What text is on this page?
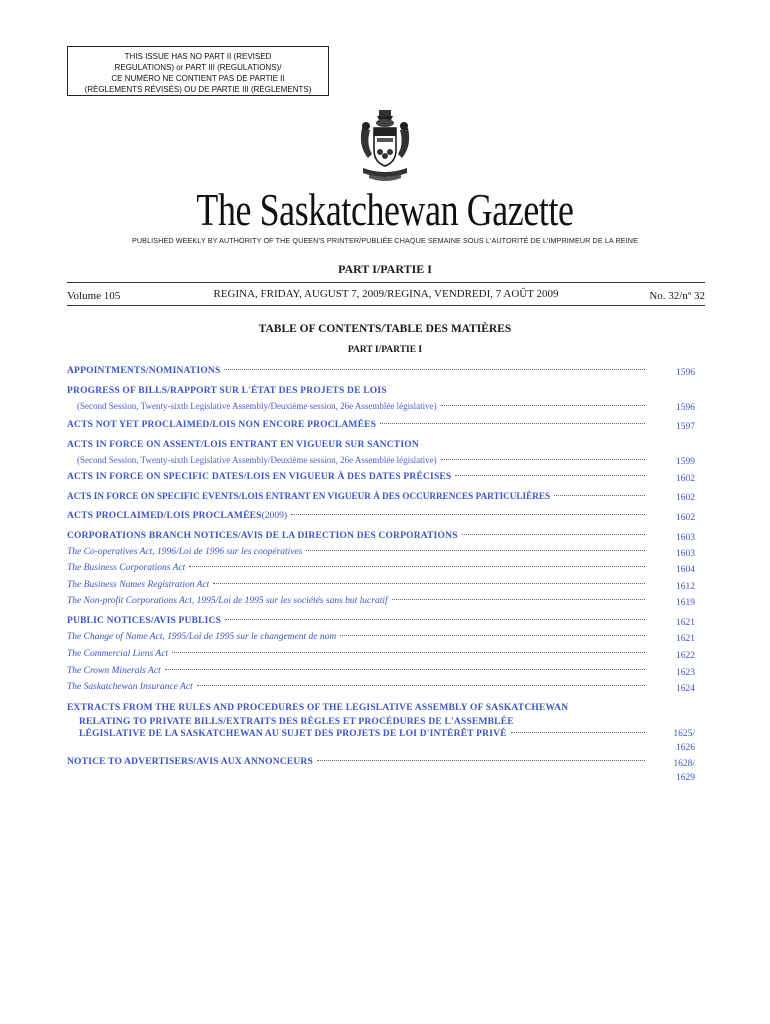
THIS ISSUE HAS NO PART II (REVISED
REGULATIONS) or PART III (REGULATIONS)/
CE NUMÉRO NE CONTIENT PAS DE PARTIE II
(RÈGLEMENTS RÉVISÉS) OU DE PARTIE III (RÈGLEMENTS)
The Saskatchewan Gazette
PUBLISHED WEEKLY BY AUTHORITY OF THE QUEEN'S PRINTER/PUBLIÉE CHAQUE SEMAINE SOUS L'AUTORITÉ DE L'IMPRIMEUR DE LA REINE
PART I/PARTIE I
Volume 105	REGINA, FRIDAY, AUGUST 7, 2009/REGINA, VENDREDI, 7 AOÛT 2009	No. 32/nº 32
TABLE OF CONTENTS/TABLE DES MATIÈRES
PART I/PARTIE I
APPOINTMENTS/NOMINATIONS	1596
PROGRESS OF BILLS/RAPPORT SUR L'ÉTAT DES PROJETS DE LOIS
(Second Session, Twenty-sixth Legislative Assembly/Deuxième session, 26e Assemblée législative)	1596
ACTS NOT YET PROCLAIMED/LOIS NON ENCORE PROCLAMÉES	1597
ACTS IN FORCE ON ASSENT/LOIS ENTRANT EN VIGUEUR SUR SANCTION
(Second Session, Twenty-sixth Legislative Assembly/Deuxième session, 26e Assemblée législative)	1599
ACTS IN FORCE ON SPECIFIC DATES/LOIS EN VIGUEUR À DES DATES PRÉCISES	1602
ACTS IN FORCE ON SPECIFIC EVENTS/LOIS ENTRANT EN VIGUEUR À DES OCCURRENCES PARTICULIÈRES	1602
ACTS PROCLAIMED/LOIS PROCLAMÉES (2009)	1602
CORPORATIONS BRANCH NOTICES/AVIS DE LA DIRECTION DES CORPORATIONS	1603
The Co-operatives Act, 1996/Loi de 1996 sur les coopératives	1603
The Business Corporations Act	1604
The Business Names Registration Act	1612
The Non-profit Corporations Act, 1995/Loi de 1995 sur les sociétés sans but lucratif	1619
PUBLIC NOTICES/AVIS PUBLICS	1621
The Change of Name Act, 1995/Loi de 1995 sur le changement de nom	1621
The Commercial Liens Act	1622
The Crown Minerals Act	1623
The Saskatchewan Insurance Act	1624
EXTRACTS FROM THE RULES AND PROCEDURES OF THE LEGISLATIVE ASSEMBLY OF SASKATCHEWAN
RELATING TO PRIVATE BILLS/EXTRAITS DES RÈGLES ET PROCÉDURES DE L'ASSEMBLÉE
LÉGISLATIVE DE LA SASKATCHEWAN AU SUJET DES PROJETS DE LOI D'INTÉRÊT PRIVÉ	1625/
1626
NOTICE TO ADVERTISERS/AVIS AUX ANNONCEURS	1628/
1629
